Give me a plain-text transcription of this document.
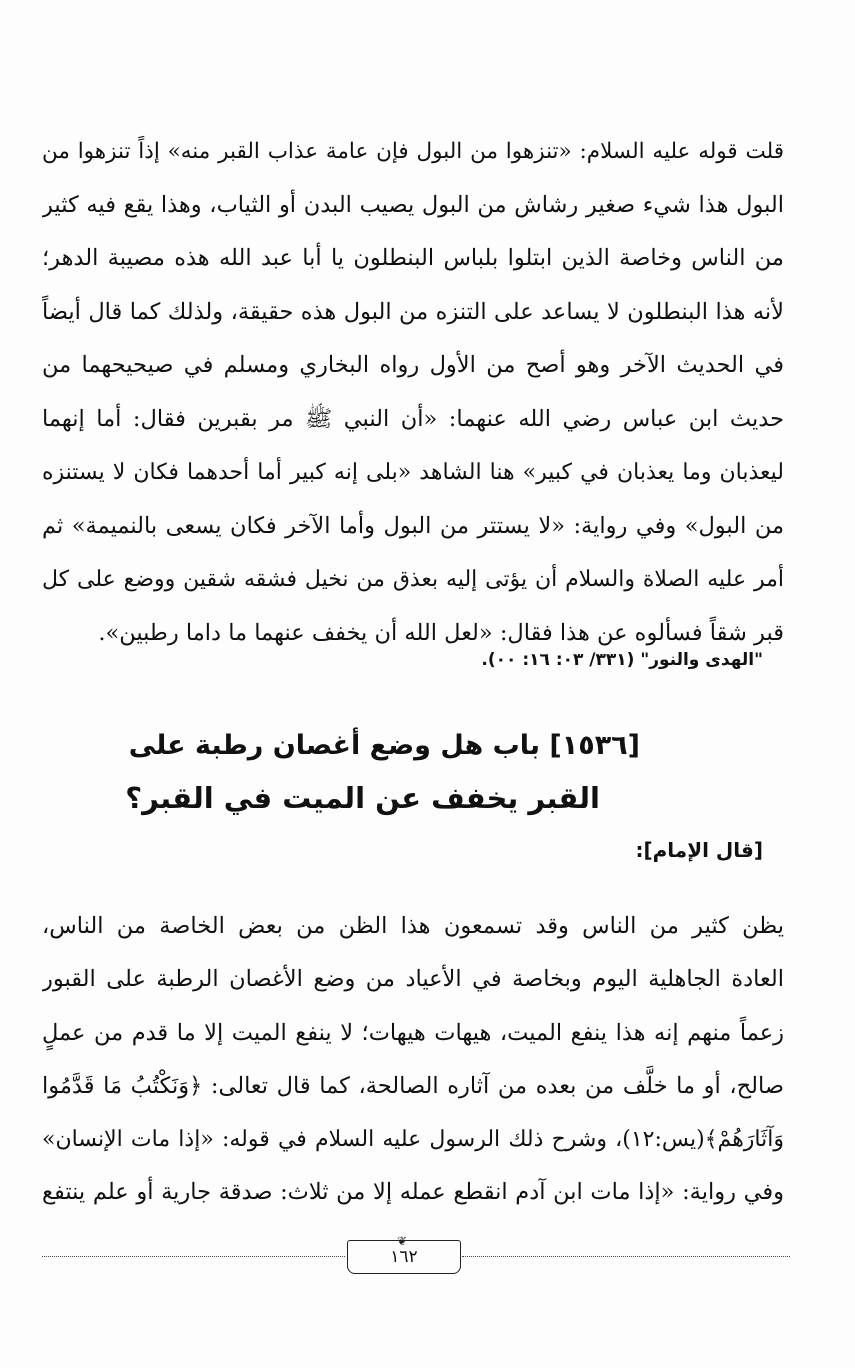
قلت قوله عليه السلام: «تنزهوا من البول فإن عامة عذاب القبر منه» إذاً تنزهوا من
البول هذا شيء صغير رشاش من البول يصيب البدن أو الثياب، وهذا يقع فيه كثير
من الناس وخاصة الذين ابتلوا بلباس البنطلون يا أبا عبد الله هذه مصيبة الدهر؛
لأنه هذا البنطلون لا يساعد على التنزه من البول هذه حقيقة، ولذلك كما قال أيضاً
في الحديث الآخر وهو أصح من الأول رواه البخاري ومسلم في صيحيحهما من
حديث ابن عباس رضي الله عنهما: «أن النبي ﷺ مر بقبرين فقال: أما إنهما
ليعذبان وما يعذبان في كبير» هنا الشاهد «بلى إنه كبير أما أحدهما فكان لا يستنزه
من البول» وفي رواية: «لا يستتر من البول وأما الآخر فكان يسعى بالنميمة» ثم
أمر عليه الصلاة والسلام أن يؤتى إليه بعذق من نخيل فشقه شقين ووضع على كل
قبر شقاً فسألوه عن هذا فقال: «لعل الله أن يخفف عنهما ما داما رطبين».
"الهدى والنور" (٣٣١/ ٠٣: ١٦: ٠٠).
[١٥٣٦] باب هل وضع أغصان رطبة على
القبر يخفف عن الميت في القبر؟
[قال الإمام]:
يظن كثير من الناس وقد تسمعون هذا الظن من بعض الخاصة من الناس،
العادة الجاهلية اليوم وبخاصة في الأعياد من وضع الأغصان الرطبة على القبور
زعماً منهم إنه هذا ينفع الميت، هيهات هيهات؛ لا ينفع الميت إلا ما قدم من عملٍ
صالح، أو ما خلَّف من بعده من آثاره الصالحة، كما قال تعالى: ﴿وَنَكْتُبُ مَا قَدَّمُوا
وَآثَارَهُمْ﴾(يس:١٢)، وشرح ذلك الرسول عليه السلام في قوله: «إذا مات الإنسان»
وفي رواية: «إذا مات ابن آدم انقطع عمله إلا من ثلاث: صدقة جارية أو علم ينتفع
١٦٢
❦
